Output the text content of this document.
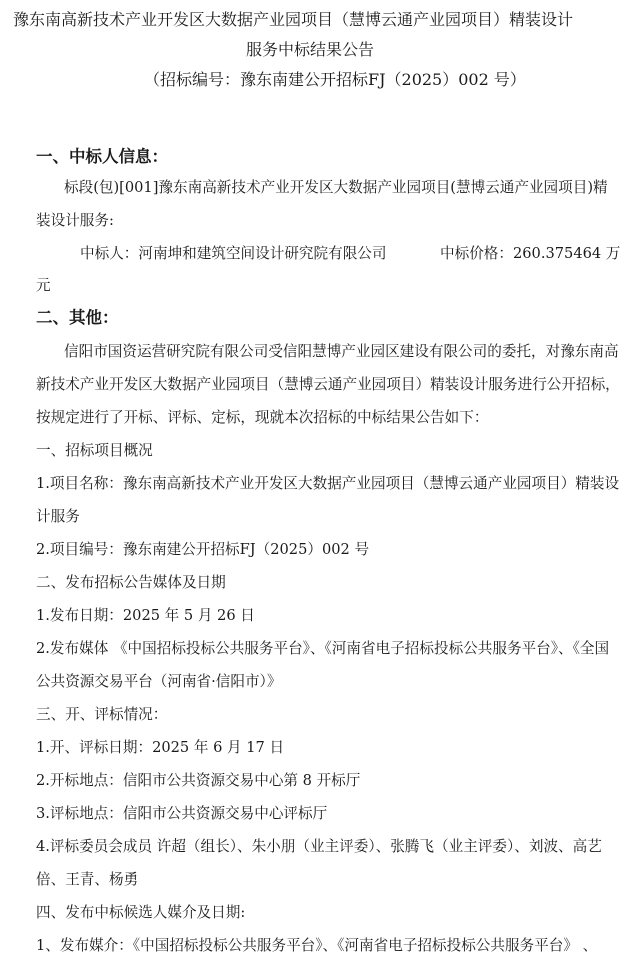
豫东南高新技术产业开发区大数据产业园项目（慧博云通产业园项目）精装设计
服务中标结果公告
（招标编号：豫东南建公开招标FJ（2025）002 号）
一、中标人信息：
标段(包)[001]豫东南高新技术产业开发区大数据产业园项目(慧博云通产业园项目)精
装设计服务:
中标人：河南坤和建筑空间设计研究院有限公司	中标价格：260.375464 万
元
二、其他：
信阳市国资运营研究院有限公司受信阳慧博产业园区建设有限公司的委托，对豫东南高
新技术产业开发区大数据产业园项目（慧博云通产业园项目）精装设计服务进行公开招标，
按规定进行了开标、评标、定标，现就本次招标的中标结果公告如下：
一、招标项目概况
1.项目名称：豫东南高新技术产业开发区大数据产业园项目（慧博云通产业园项目）精装设
计服务
2.项目编号：豫东南建公开招标FJ（2025）002 号
二、发布招标公告媒体及日期
1.发布日期：2025 年 5 月 26 日
2.发布媒体 《中国招标投标公共服务平台》、《河南省电子招标投标公共服务平台》、《全国
公共资源交易平台（河南省·信阳市）》
三、开、评标情况：
1.开、评标日期：2025 年 6 月 17 日
2.开标地点：信阳市公共资源交易中心第 8 开标厅
3.评标地点：信阳市公共资源交易中心评标厅
4.评标委员会成员 许超（组长）、朱小朋（业主评委）、张腾飞（业主评委）、刘波、高艺
倍、王青、杨勇
四、发布中标候选人媒介及日期:
1、发布媒介：《中国招标投标公共服务平台》、《河南省电子招标投标公共服务平台》 、
